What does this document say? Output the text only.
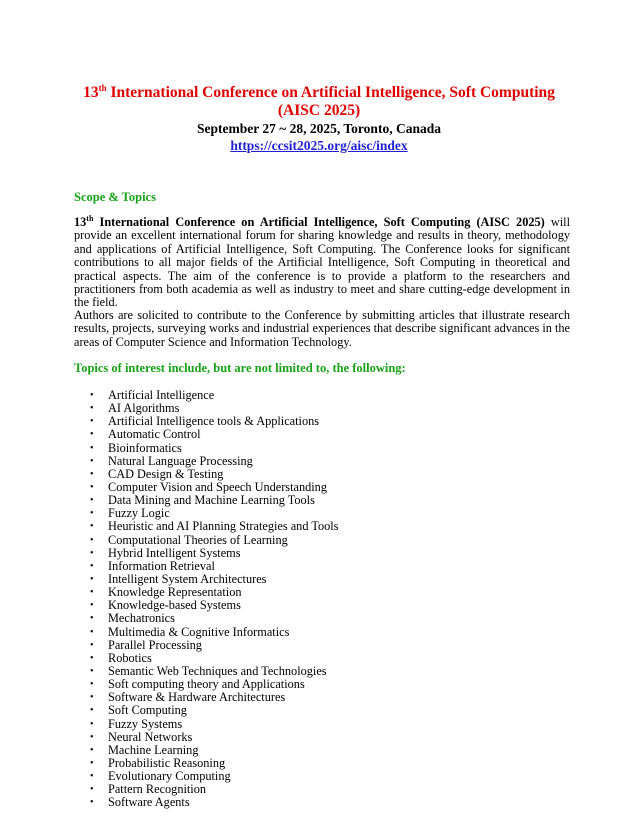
13th International Conference on Artificial Intelligence, Soft Computing
(AISC 2025)
September 27 ~ 28, 2025, Toronto, Canada
https://ccsit2025.org/aisc/index
Scope & Topics
13th International Conference on Artificial Intelligence, Soft Computing (AISC 2025) will provide an excellent international forum for sharing knowledge and results in theory, methodology and applications of Artificial Intelligence, Soft Computing. The Conference looks for significant contributions to all major fields of the Artificial Intelligence, Soft Computing in theoretical and practical aspects. The aim of the conference is to provide a platform to the researchers and practitioners from both academia as well as industry to meet and share cutting-edge development in the field.
Authors are solicited to contribute to the Conference by submitting articles that illustrate research results, projects, surveying works and industrial experiences that describe significant advances in the areas of Computer Science and Information Technology.
Topics of interest include, but are not limited to, the following:
• Artificial Intelligence
• AI Algorithms
• Artificial Intelligence tools & Applications
• Automatic Control
• Bioinformatics
• Natural Language Processing
• CAD Design & Testing
• Computer Vision and Speech Understanding
• Data Mining and Machine Learning Tools
• Fuzzy Logic
• Heuristic and AI Planning Strategies and Tools
• Computational Theories of Learning
• Hybrid Intelligent Systems
• Information Retrieval
• Intelligent System Architectures
• Knowledge Representation
• Knowledge-based Systems
• Mechatronics
• Multimedia & Cognitive Informatics
• Parallel Processing
• Robotics
• Semantic Web Techniques and Technologies
• Soft computing theory and Applications
• Software & Hardware Architectures
• Soft Computing
• Fuzzy Systems
• Neural Networks
• Machine Learning
• Probabilistic Reasoning
• Evolutionary Computing
• Pattern Recognition
• Software Agents
